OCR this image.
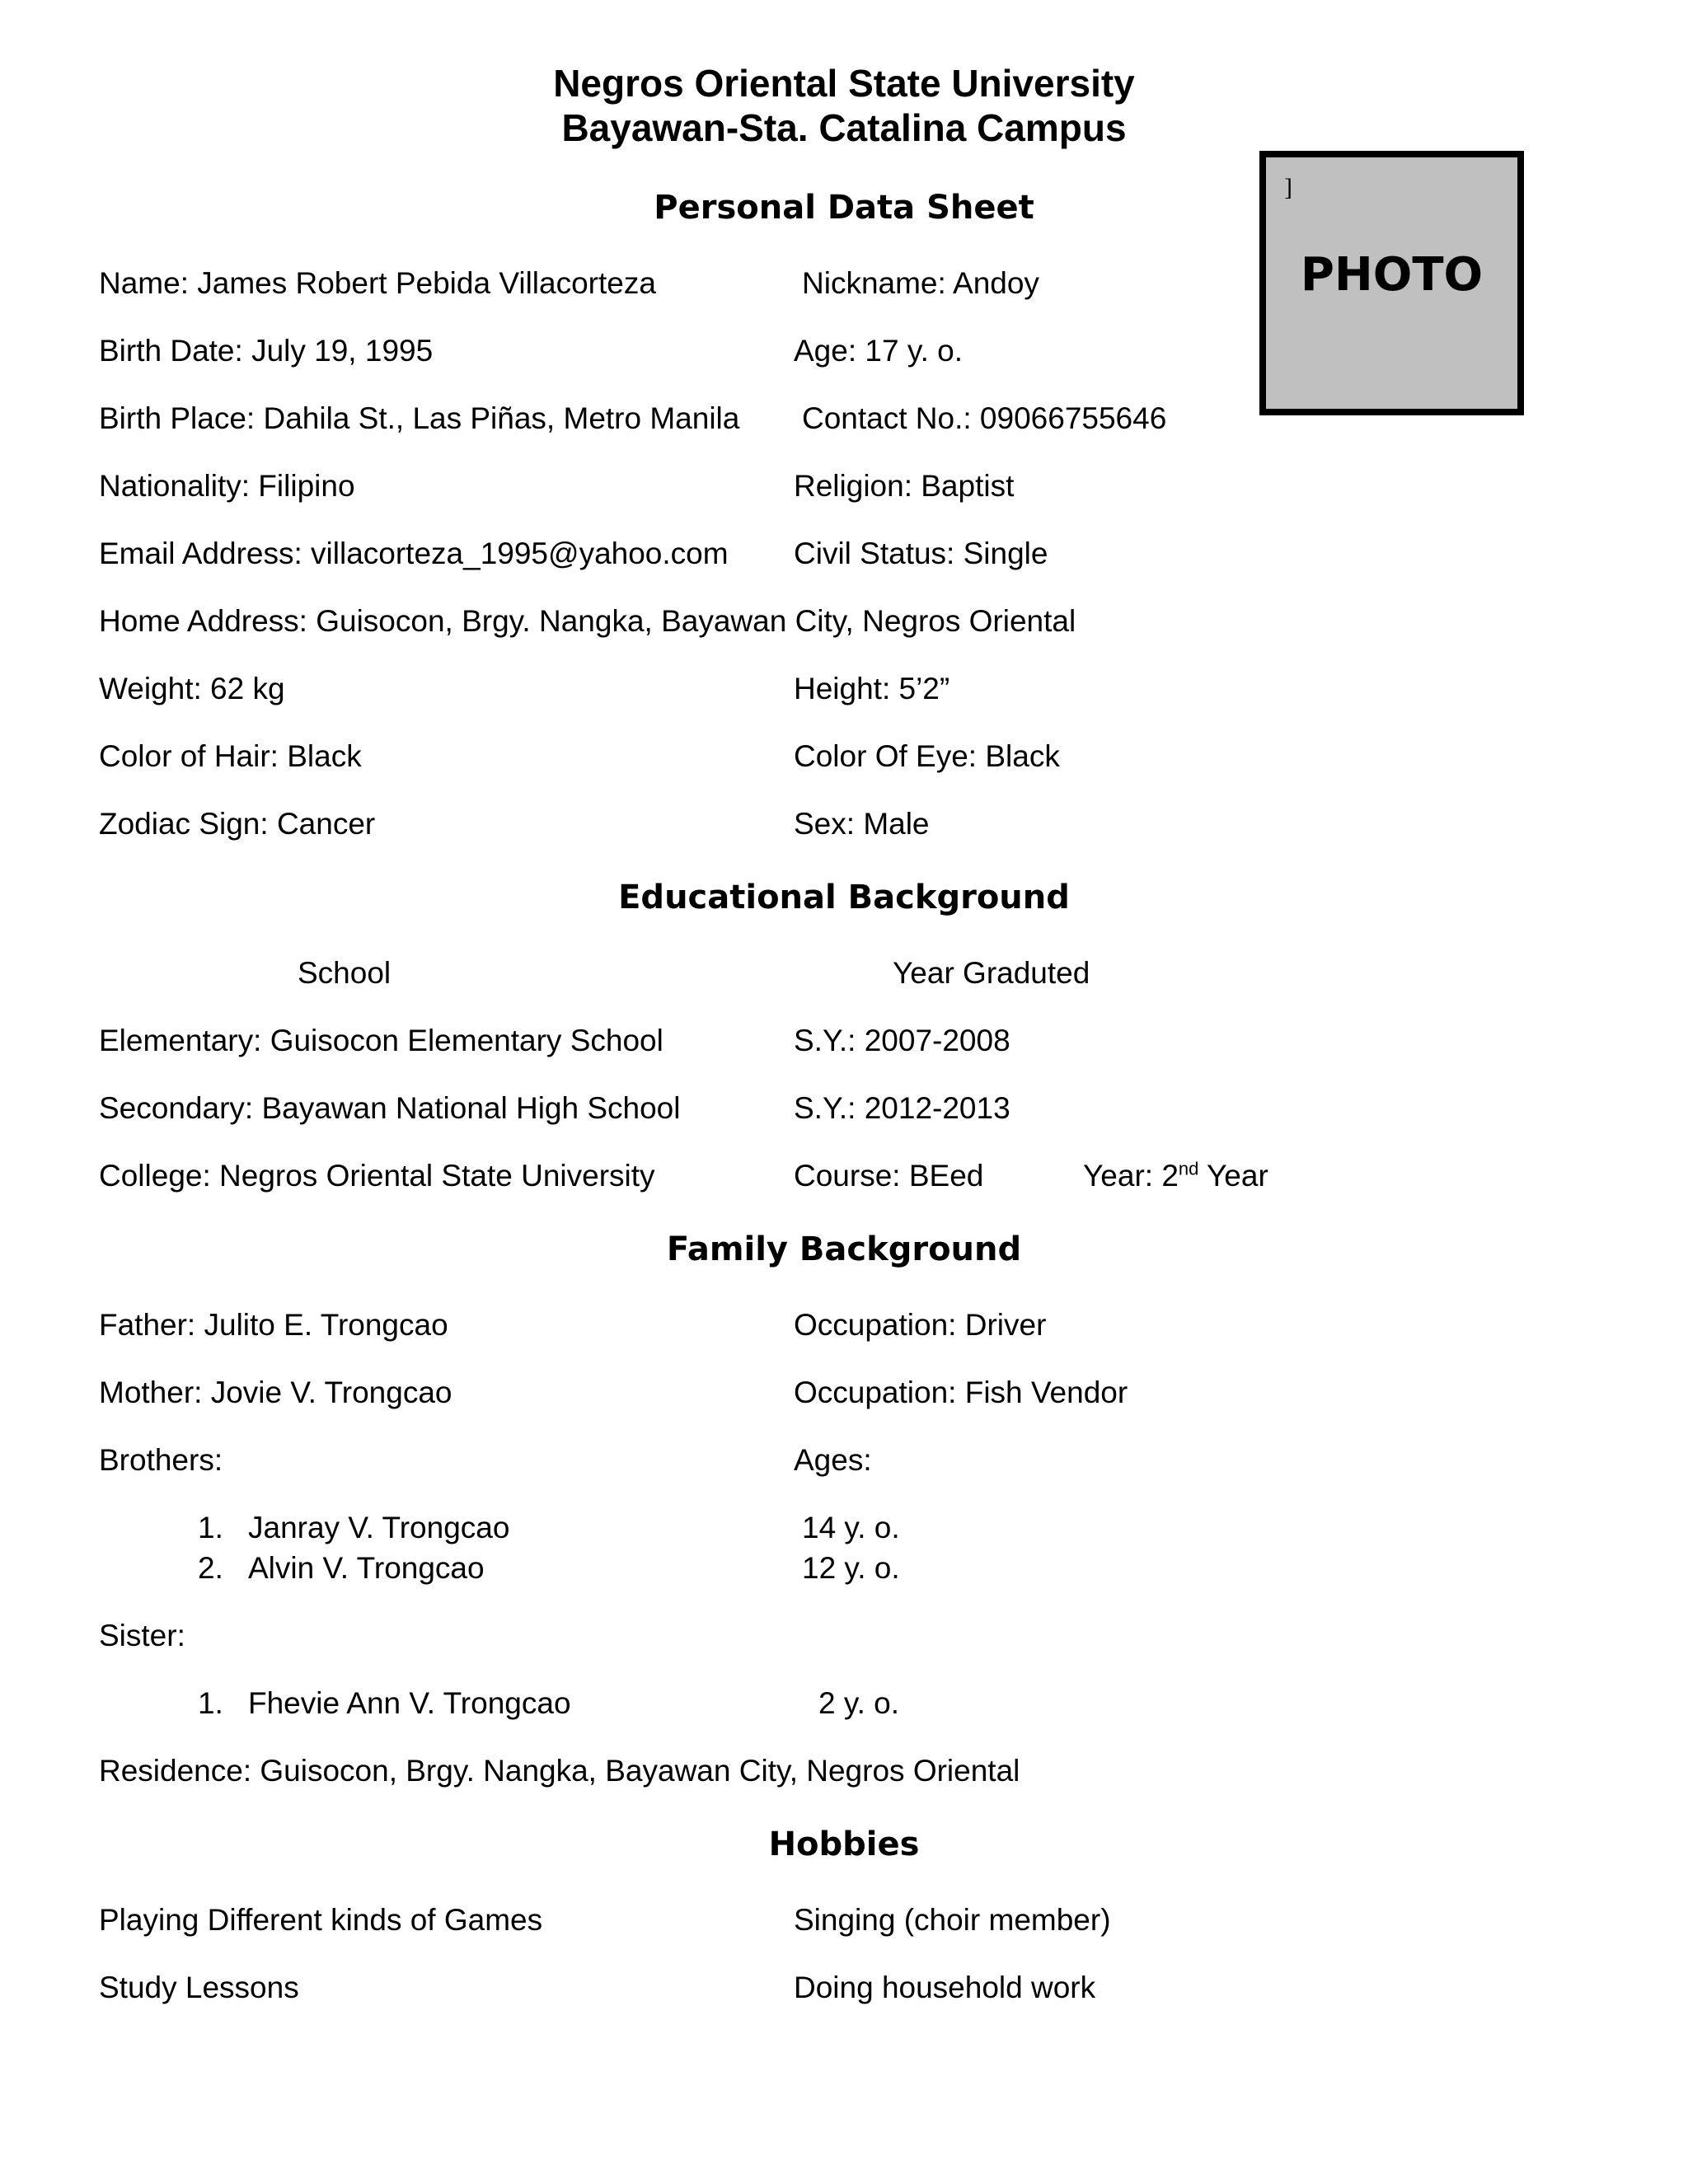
Negros Oriental State University
Bayawan-Sta. Catalina Campus
]
PHOTO
Personal Data Sheet
Name: James Robert Pebida Villacorteza	Nickname: Andoy
Birth Date: July 19, 1995	Age: 17 y. o.
Birth Place: Dahila St., Las Piñas, Metro Manila Contact No.: 09066755646
Nationality: Filipino	Religion: Baptist
Email Address: villacorteza_1995@yahoo.com Civil Status: Single
Home Address: Guisocon, Brgy. Nangka, Bayawan City, Negros Oriental
Weight: 62 kg	Height: 5’2”
Color of Hair: Black	Color Of Eye: Black
Zodiac Sign: Cancer	Sex: Male
Educational Background
School	Year Graduted
Elementary: Guisocon Elementary School	S.Y.: 2007-2008
Secondary: Bayawan National High School	S.Y.: 2012-2013
College: Negros Oriental State University	Course: BEed	Year: 2nd Year
Family Background
Father: Julito E. Trongcao	Occupation: Driver
Mother: Jovie V. Trongcao	Occupation: Fish Vendor
Brothers:	Ages:
1. Janray V. Trongcao	14 y. o.
2. Alvin V. Trongcao	12 y. o.
Sister:
1. Fhevie Ann V. Trongcao	2 y. o.
Residence: Guisocon, Brgy. Nangka, Bayawan City, Negros Oriental
Hobbies
Playing Different kinds of Games	Singing (choir member)
Study Lessons	Doing household work
